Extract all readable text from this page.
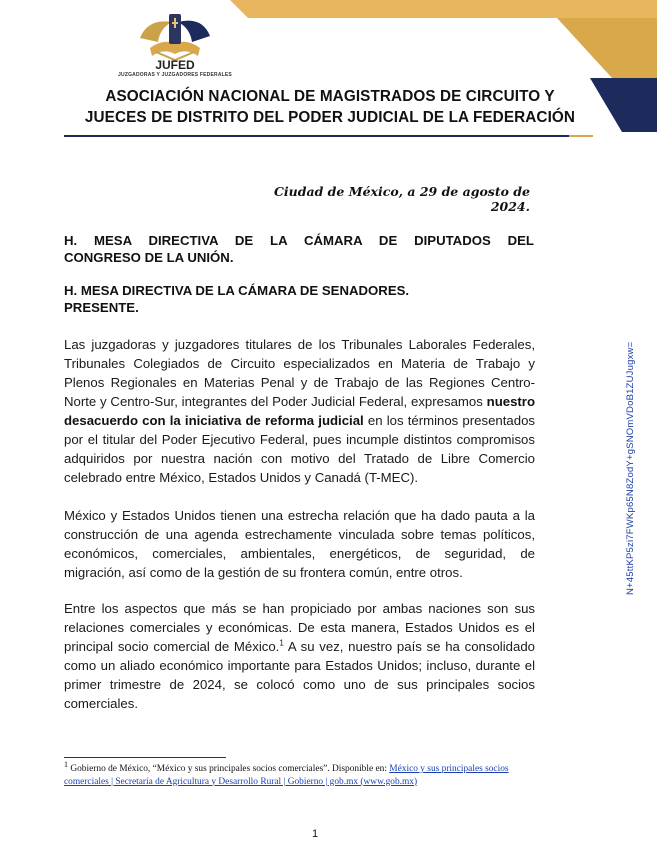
JUFED
JUZGADORAS Y JUZGADORES FEDERALES
ASOCIACIÓN NACIONAL DE MAGISTRADOS DE CIRCUITO Y
JUECES DE DISTRITO DEL PODER JUDICIAL DE LA FEDERACIÓN
Ciudad de México, a 29 de agosto de 2024.
H. MESA DIRECTIVA DE LA CÁMARA DE DIPUTADOS DEL
CONGRESO DE LA UNIÓN.
H. MESA DIRECTIVA DE LA CÁMARA DE SENADORES.
PRESENTE.
Las juzgadoras y juzgadores titulares de los Tribunales Laborales Federales, Tribunales Colegiados de Circuito especializados en Materia de Trabajo y Plenos Regionales en Materias Penal y de Trabajo de las Regiones Centro-Norte y Centro-Sur, integrantes del Poder Judicial Federal, expresamos nuestro desacuerdo con la iniciativa de reforma judicial en los términos presentados por el titular del Poder Ejecutivo Federal, pues incumple distintos compromisos adquiridos por nuestra nación con motivo del Tratado de Libre Comercio celebrado entre México, Estados Unidos y Canadá (T-MEC).
México y Estados Unidos tienen una estrecha relación que ha dado pauta a la construcción de una agenda estrechamente vinculada sobre temas políticos, económicos, comerciales, ambientales, energéticos, de seguridad, de migración, así como de la gestión de su frontera común, entre otros.
Entre los aspectos que más se han propiciado por ambas naciones son sus relaciones comerciales y económicas. De esta manera, Estados Unidos es el principal socio comercial de México.$^1$ A su vez, nuestro país se ha consolidado como un aliado económico importante para Estados Unidos; incluso, durante el primer trimestre de 2024, se colocó como uno de sus principales socios comerciales.
$^1$ Gobierno de México, “México y sus principales socios comerciales”. Disponible en: México y sus principales socios comerciales | Secretaría de Agricultura y Desarrollo Rural | Gobierno | gob.mx (www.gob.mx)
1
N+45ttKP5zi7FWKp65N8ZodY+gSNOmVDoB1ZUJugxw=
